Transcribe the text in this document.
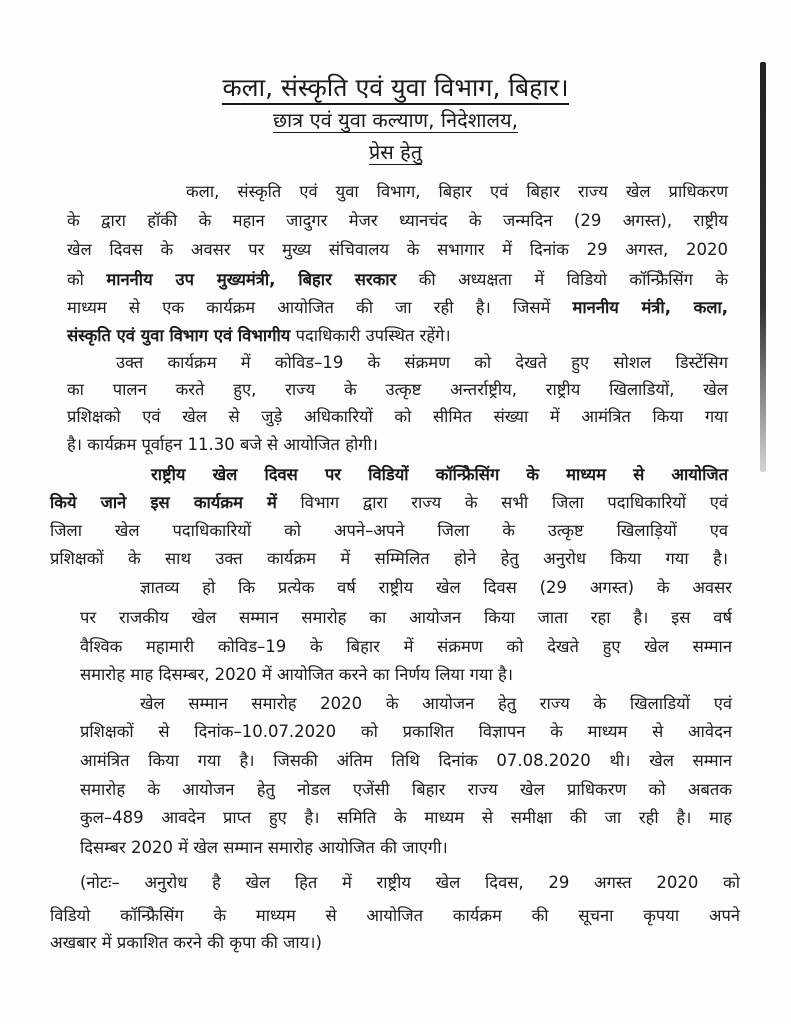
कला, संस्कृति एवं युवा विभाग, बिहार।
छात्र एवं युवा कल्याण, निदेशालय,
प्रेस हेतु
कला, संस्कृति एवं युवा विभाग, बिहार एवं बिहार राज्य खेल प्राधिकरण
के द्वारा हॉकी के महान जादुगर मेजर ध्यानचंद के जन्मदिन (29 अगस्त), राष्ट्रीय
खेल दिवस के अवसर पर मुख्य संचिवालय के सभागार में दिनांक 29 अगस्त, 2020
को माननीय उप मुख्यमंत्री, बिहार सरकार की अध्यक्षता में विडियो कॉन्फ्रिेसिंग के
माध्यम से एक कार्यक्रम आयोजित की जा रही है। जिसमें माननीय मंत्री, कला,
संस्कृति एवं युवा विभाग एवं विभागीय पदाधिकारी उपस्थित रहेंगे।
उक्त कार्यक्रम में कोविड–19 के संक्रमण को देखते हुए सोशल डिस्टेंसिग
का पालन करते हुए, राज्य के उत्कृष्ट अन्तर्राष्ट्रीय, राष्ट्रीय खिलाडियों, खेल
प्रशिक्षको एवं खेल से जुड़े अधिकारियों को सीमित संख्या में आमंत्रित किया गया
है। कार्यक्रम पूर्वाहन 11.30 बजे से आयोजित होगी।
राष्ट्रीय खेल दिवस पर विडियों कॉन्फ्रिेसिंग के माध्यम से आयोजित
किये जाने इस कार्यक्रम में विभाग द्वारा राज्य के सभी जिला पदाधिकारियों एवं
जिला खेल पदाधिकारियों को अपने–अपने जिला के उत्कृष्ट खिलाड़ियों एव
प्रशिक्षकों के साथ उक्त कार्यक्रम में सम्मिलित होने हेतु अनुरोध किया गया है।
ज्ञातव्य हो कि प्रत्येक वर्ष राष्ट्रीय खेल दिवस (29 अगस्त) के अवसर
पर राजकीय खेल सम्मान समारोह का आयोजन किया जाता रहा है। इस वर्ष
वैश्विक महामारी कोविड–19 के बिहार में संक्रमण को देखते हुए खेल सम्मान
समारोह माह दिसम्बर, 2020 में आयोजित करने का निर्णय लिया गया है।
खेल सम्मान समारोह 2020 के आयोजन हेतु राज्य के खिलाडियों एवं
प्रशिक्षकों से दिनांक–10.07.2020 को प्रकाशित विज्ञापन के माध्यम से आवेदन
आमंत्रित किया गया है। जिसकी अंतिम तिथि दिनांक 07.08.2020 थी। खेल सम्मान
समारोह के आयोजन हेतु नोडल एजेंसी बिहार राज्य खेल प्राधिकरण को अबतक
कुल–489 आवदेन प्राप्त हुए है। समिति के माध्यम से समीक्षा की जा रही है। माह
दिसम्बर 2020 में खेल सम्मान समारोह आयोजित की जाएगी।
(नोटः– अनुरोध है खेल हित में राष्ट्रीय खेल दिवस, 29 अगस्त 2020 को
विडियो कॉन्फ्रिेसिंग के माध्यम से आयोजित कार्यक्रम की सूचना कृपया अपने
अखबार में प्रकाशित करने की कृपा की जाय।)
